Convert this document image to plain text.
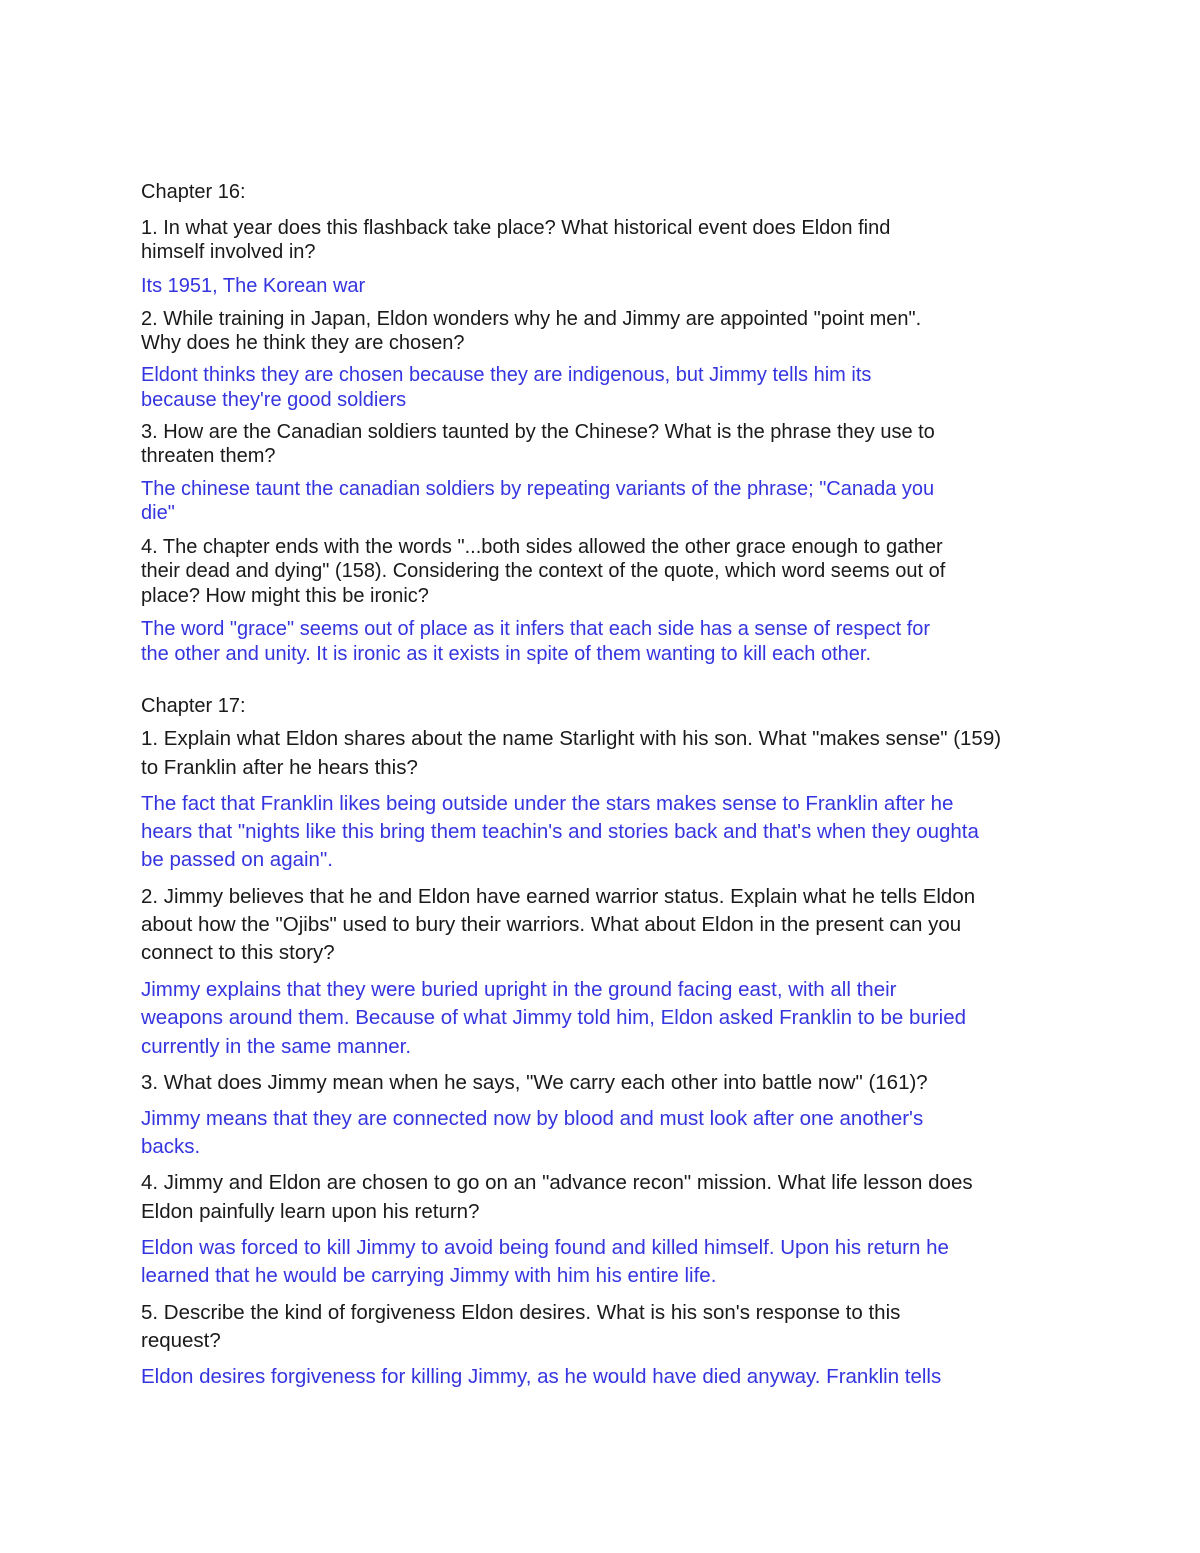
Chapter 16:

1. In what year does this flashback take place? What historical event does Eldon find

himself involved in?

Its 1951, The Korean war

2. While training in Japan, Eldon wonders why he and Jimmy are appointed "point men".

Why does he think they are chosen?

Eldont thinks they are chosen because they are indigenous, but Jimmy tells him its

because they're good soldiers

3. How are the Canadian soldiers taunted by the Chinese? What is the phrase they use to

threaten them?

The chinese taunt the canadian soldiers by repeating variants of the phrase; "Canada you

die"

4. The chapter ends with the words "...both sides allowed the other grace enough to gather

their dead and dying" (158). Considering the context of the quote, which word seems out of

place? How might this be ironic?

The word "grace" seems out of place as it infers that each side has a sense of respect for

the other and unity. It is ironic as it exists in spite of them wanting to kill each other.

Chapter 17:

1. Explain what Eldon shares about the name Starlight with his son. What "makes sense" (159)

to Franklin after he hears this?

The fact that Franklin likes being outside under the stars makes sense to Franklin after he

hears that "nights like this bring them teachin's and stories back and that's when they oughta

be passed on again".

2. Jimmy believes that he and Eldon have earned warrior status. Explain what he tells Eldon

about how the "Ojibs" used to bury their warriors. What about Eldon in the present can you

connect to this story?

Jimmy explains that they were buried upright in the ground facing east, with all their

weapons around them. Because of what Jimmy told him, Eldon asked Franklin to be buried

currently in the same manner.

3. What does Jimmy mean when he says, "We carry each other into battle now" (161)?

Jimmy means that they are connected now by blood and must look after one another's

backs.

4. Jimmy and Eldon are chosen to go on an "advance recon" mission. What life lesson does

Eldon painfully learn upon his return?

Eldon was forced to kill Jimmy to avoid being found and killed himself. Upon his return he

learned that he would be carrying Jimmy with him his entire life.

5. Describe the kind of forgiveness Eldon desires. What is his son's response to this

request?

Eldon desires forgiveness for killing Jimmy, as he would have died anyway. Franklin tells
